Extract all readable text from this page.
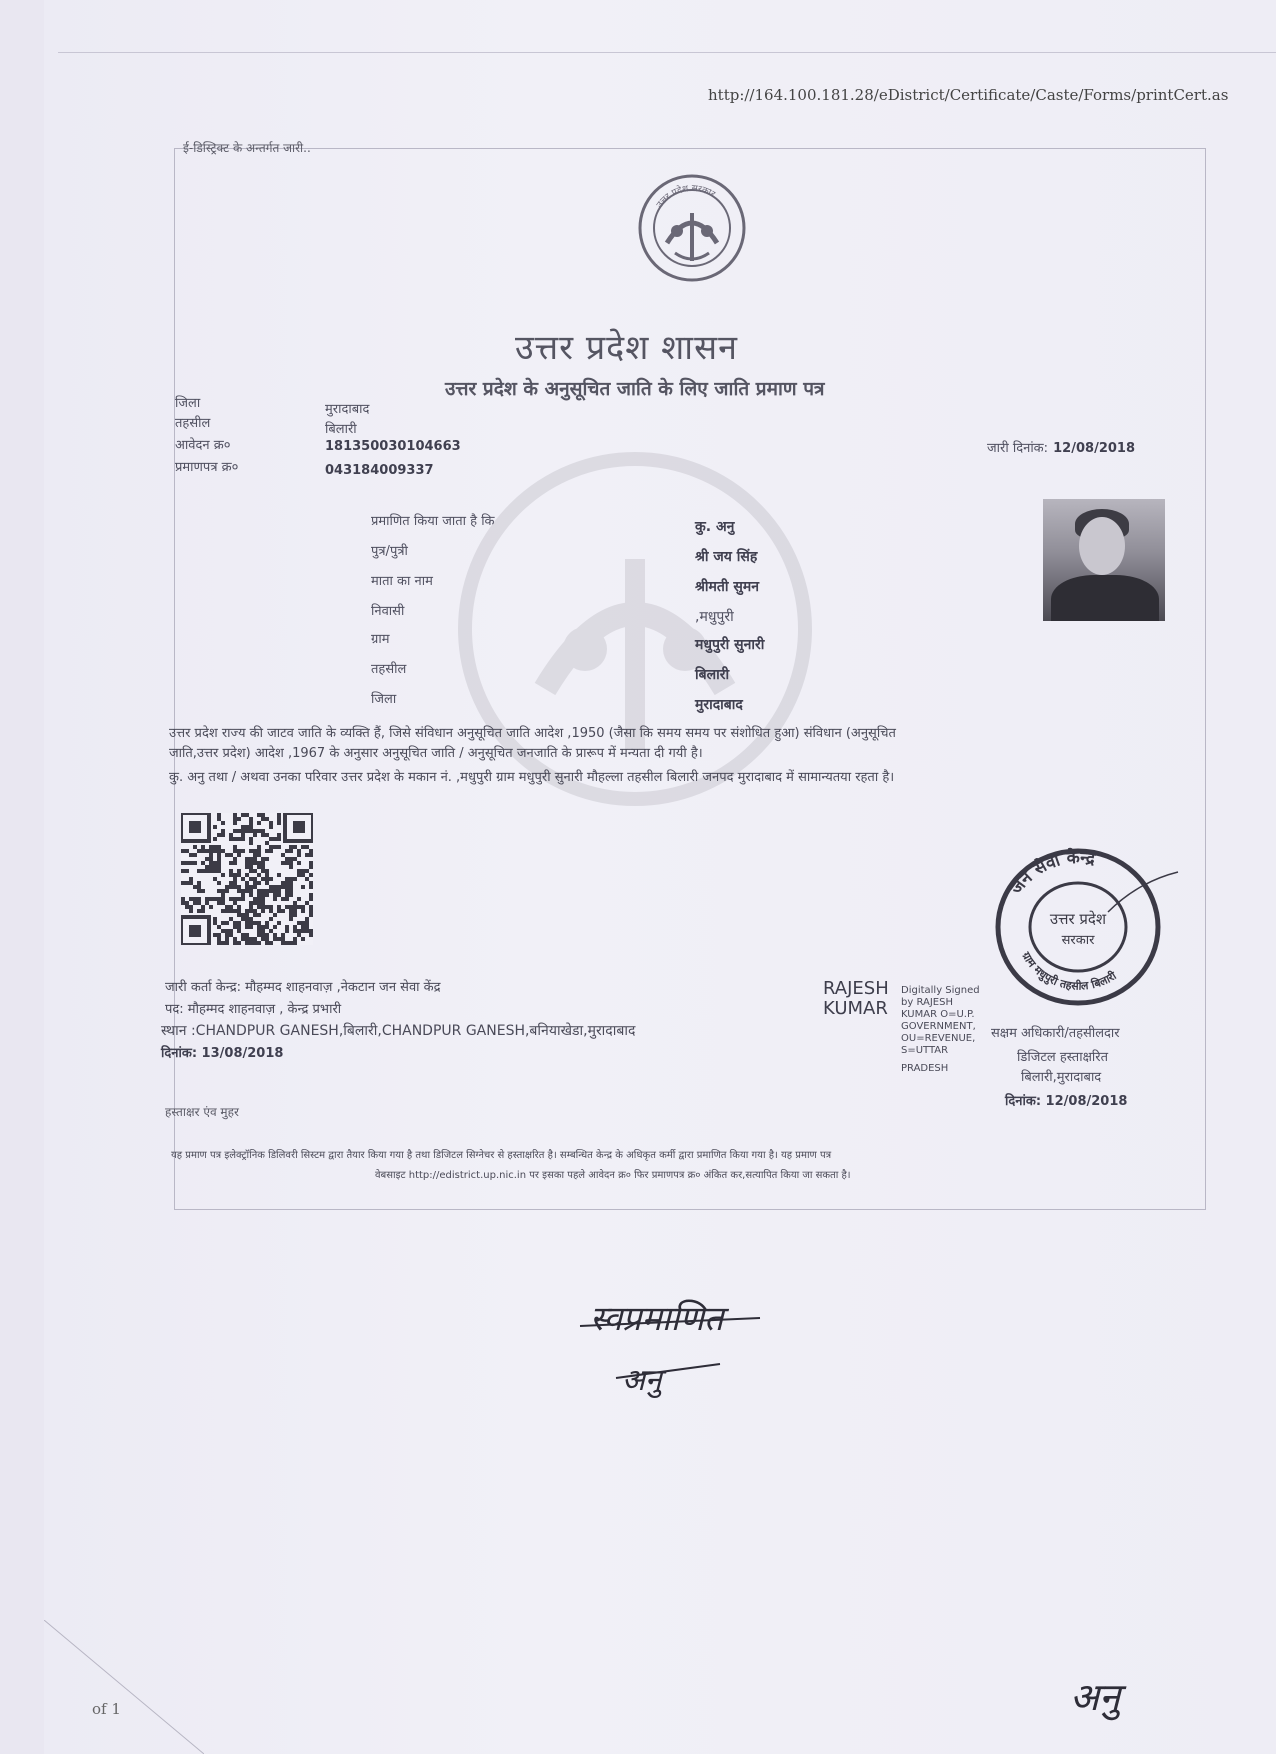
http://164.100.181.28/eDistrict/Certificate/Caste/Forms/printCert.as
ई-डिस्ट्रिक्ट के अन्तर्गत जारी..
उत्तर प्रदेश सरकार
उत्तर प्रदेश शासन
उत्तर प्रदेश के अनुसूचित जाति के लिए जाति प्रमाण पत्र
जिला	मुरादाबाद
तहसील	बिलारी
आवेदन क्र०	181350030104663
प्रमाणपत्र क्र०	043184009337
जारी दिनांक: 12/08/2018
प्रमाणित किया जाता है कि	कु. अनु
पुत्र/पुत्री	श्री जय सिंह
माता का नाम	श्रीमती सुमन
निवासी	,मधुपुरी
ग्राम	मधुपुरी सुनारी
तहसील	बिलारी
जिला	मुरादाबाद
उत्तर प्रदेश राज्य की जाटव जाति के व्यक्ति हैं, जिसे संविधान अनुसूचित जाति आदेश ,1950 (जैसा कि समय समय पर संशोधित हुआ) संविधान (अनुसूचित
जाति,उत्तर प्रदेश) आदेश ,1967 के अनुसार अनुसूचित जाति / अनुसूचित जनजाति के प्रारूप में मन्यता दी गयी है।
कु. अनु तथा / अथवा उनका परिवार उत्तर प्रदेश के मकान नं. ,मधुपुरी ग्राम मधुपुरी सुनारी मौहल्ला तहसील बिलारी जनपद मुरादाबाद में सामान्यतया रहता है।
जारी कर्ता केन्द्र: मौहम्मद शाहनवाज़ ,नेकटान जन सेवा केंद्र
पद: मौहम्मद शाहनवाज़ , केन्द्र प्रभारी
स्थान :CHANDPUR GANESH,बिलारी,CHANDPUR GANESH,बनियाखेडा,मुरादाबाद
दिनांक: 13/08/2018
हस्ताक्षर एंव मुहर
RAJESH
KUMAR
Digitally Signed
by RAJESH
KUMAR O=U.P.
GOVERNMENT,
OU=REVENUE,
S=UTTAR
PRADESH
सक्षम अधिकारी/तहसीलदार
डिजिटल हस्ताक्षरित
बिलारी,मुरादाबाद
दिनांक: 12/08/2018
यह प्रमाण पत्र इलेक्ट्रॉनिक डिलिवरी सिस्टम द्वारा तैयार किया गया है तथा डिजिटल सिग्नेचर से हस्ताक्षरित है। सम्बन्धित केन्द्र के अधिकृत कर्मी द्वारा प्रमाणित किया गया है। यह प्रमाण पत्र
वेबसाइट http://edistrict.up.nic.in पर इसका पहले आवेदन क्र० फिर प्रमाणपत्र क्र० अंकित कर,सत्यापित किया जा सकता है।
जन सेवा केन्द्र
ग्राम मधुपुरी तहसील बिलारी
उत्तर प्रदेश
सरकार
स्वप्रमाणित
अनु
अनु
of 1
